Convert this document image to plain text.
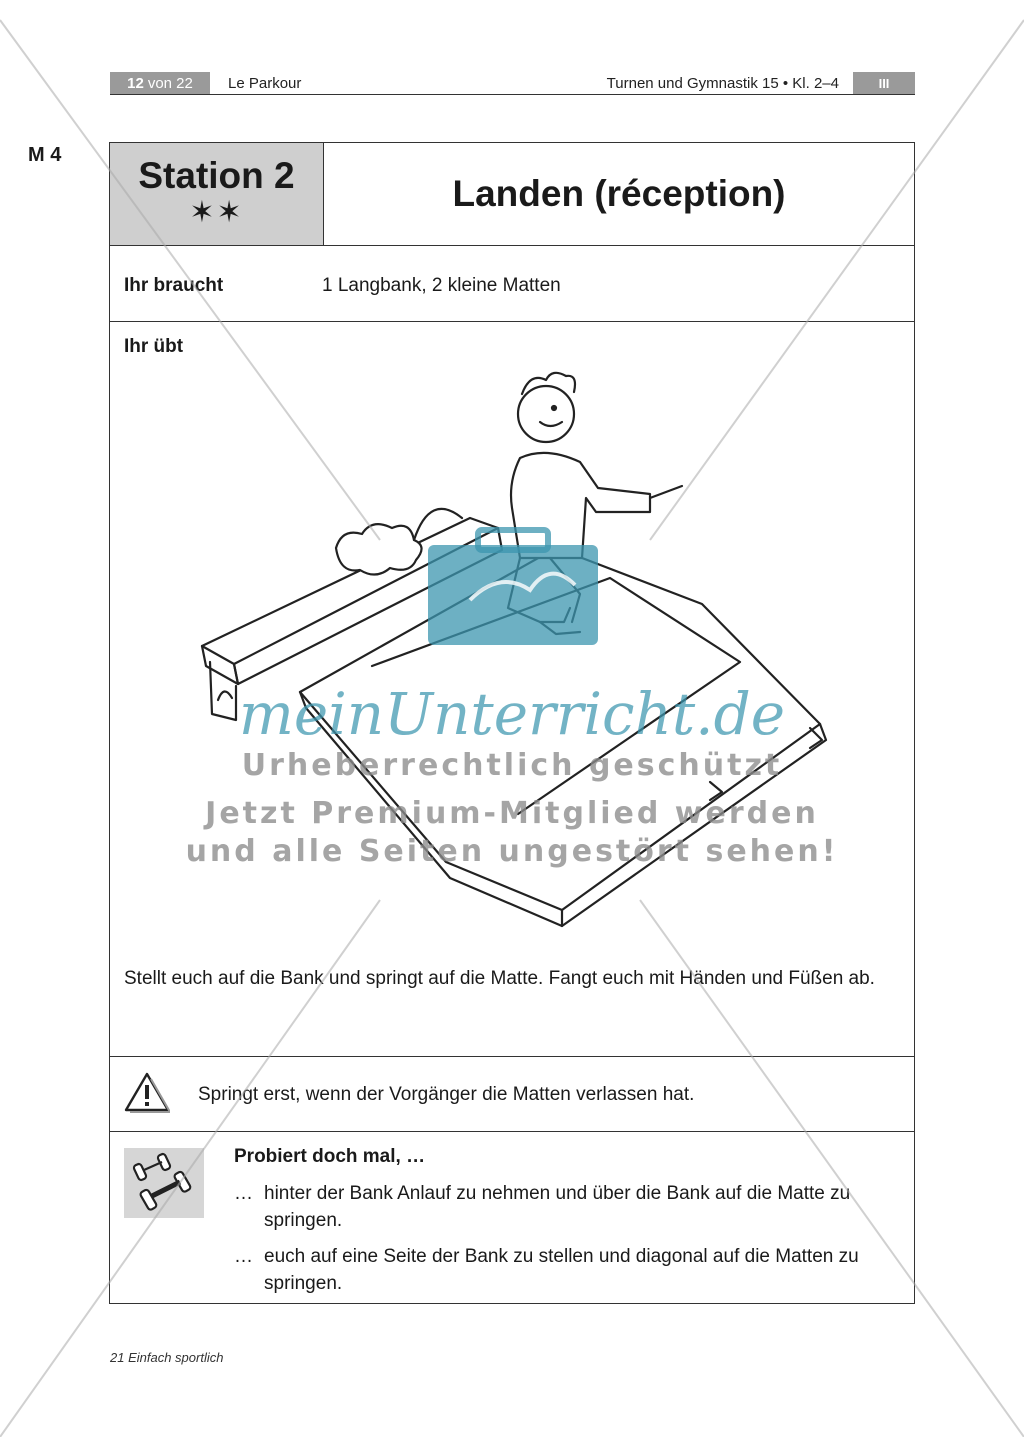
12 von 22 Le Parkour	Turnen und Gymnastik 15 • Kl. 2–4	III
M 4	Station 2
✶✶	Landen (réception)
Ihr braucht	1 Langbank, 2 kleine Matten
Ihr übt
Stellt euch auf die Bank und springt auf die Matte. Fangt euch mit Händen und Füßen ab.
Springt erst, wenn der Vorgänger die Matten verlassen hat.
Probiert doch mal, …
… hinter der Bank Anlauf zu nehmen und über die Bank auf die Matte zu springen.
… euch auf eine Seite der Bank zu stellen und diagonal auf die Matten zu springen.
21 Einfach sportlich
meinUnterricht.de
Urheberrechtlich geschützt
Jetzt Premium-Mitglied werden
und alle Seiten ungestört sehen!
